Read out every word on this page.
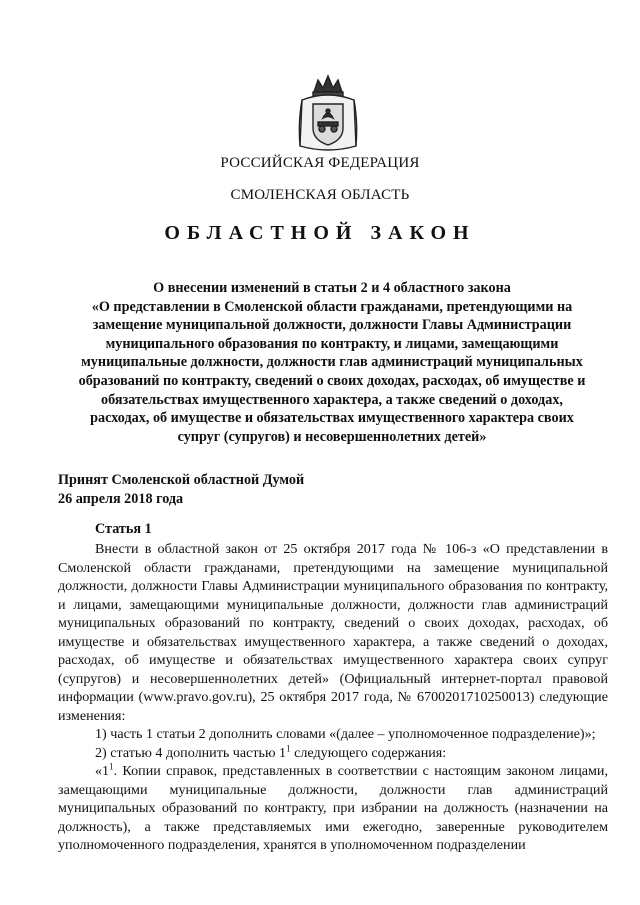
РОССИЙСКАЯ ФЕДЕРАЦИЯ
СМОЛЕНСКАЯ ОБЛАСТЬ
ОБЛАСТНОЙ ЗАКОН
О внесении изменений в статьи 2 и 4 областного закона
«О представлении в Смоленской области гражданами, претендующими на
замещение муниципальной должности, должности Главы Администрации
муниципального образования по контракту, и лицами, замещающими
муниципальные должности, должности глав администраций муниципальных
образований по контракту, сведений о своих доходах, расходах, об имуществе и
обязательствах имущественного характера, а также сведений о доходах,
расходах, об имуществе и обязательствах имущественного характера своих
супруг (супругов) и несовершеннолетних детей»
Принят Смоленской областной Думой
26 апреля 2018 года
Статья 1

Внести в областной закон от 25 октября 2017 года № 106-з «О представлении в Смоленской области гражданами, претендующими на замещение муниципальной должности, должности Главы Администрации муниципального образования по контракту, и лицами, замещающими муниципальные должности, должности глав администраций муниципальных образований по контракту, сведений о своих доходах, расходах, об имуществе и обязательствах имущественного характера, а также сведений о доходах, расходах, об имуществе и обязательствах имущественного характера своих супруг (супругов) и несовершеннолетних детей» (Официальный интернет-портал правовой информации (www.pravo.gov.ru), 25 октября 2017 года, № 6700201710250013) следующие изменения:

1) часть 1 статьи 2 дополнить словами «(далее – уполномоченное подразделение)»;

2) статью 4 дополнить частью $1^1$ следующего содержания:

«$1^1$. Копии справок, представленных в соответствии с настоящим законом лицами, замещающими муниципальные должности, должности глав администраций муниципальных образований по контракту, при избрании на должность (назначении на должность), а также представляемых ими ежегодно, заверенные руководителем уполномоченного подразделения, хранятся в уполномоченном подразделении
